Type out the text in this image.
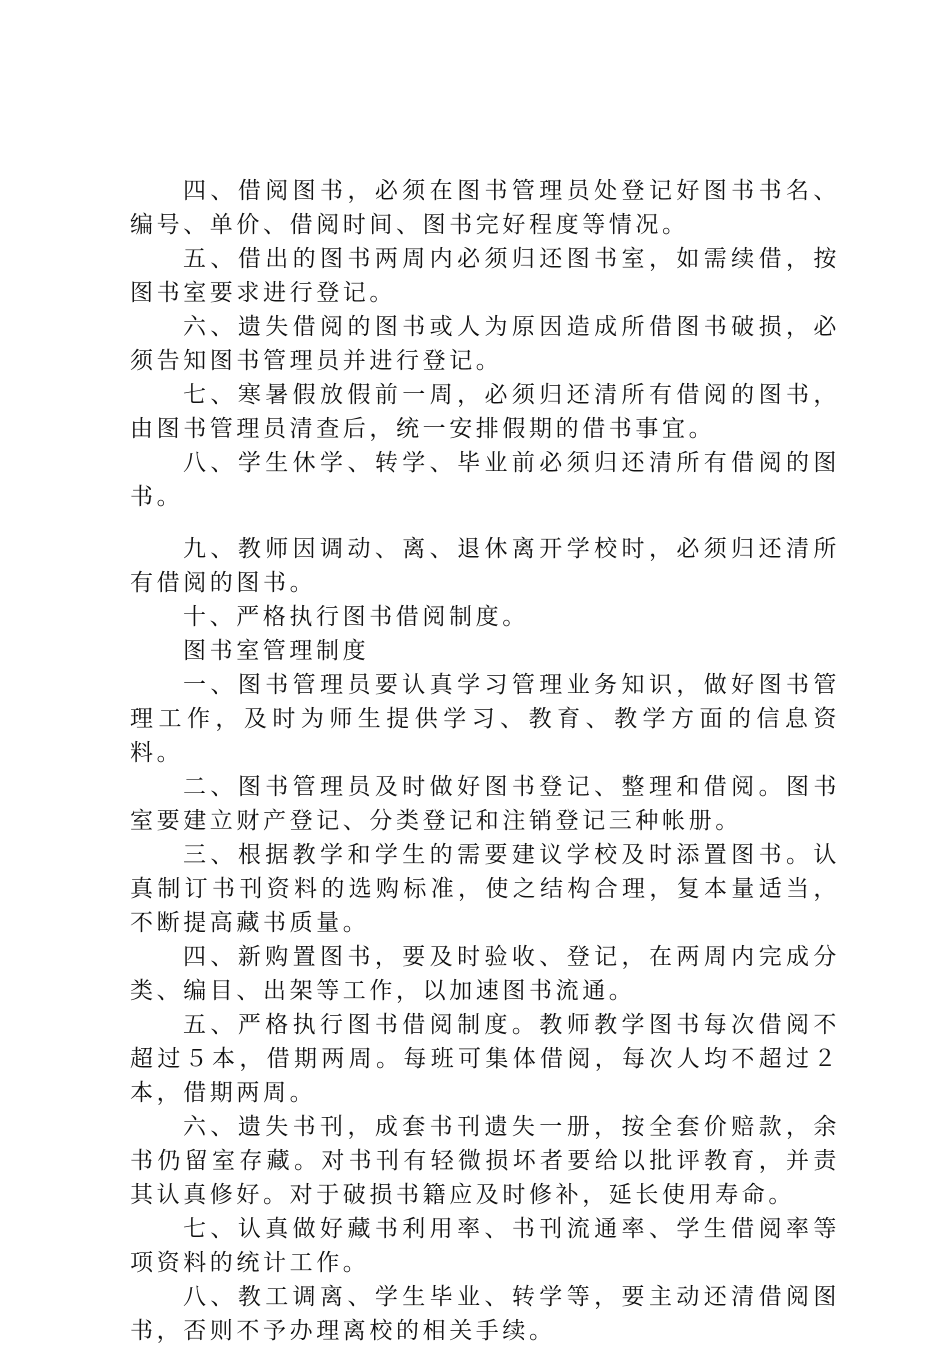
四、借阅图书，必须在图书管理员处登记好图书书名、编号、单价、借阅时间、图书完好程度等情况。

五、借出的图书两周内必须归还图书室，如需续借，按图书室要求进行登记。

六、遗失借阅的图书或人为原因造成所借图书破损，必须告知图书管理员并进行登记。

七、寒暑假放假前一周，必须归还清所有借阅的图书，由图书管理员清查后，统一安排假期的借书事宜。

八、学生休学、转学、毕业前必须归还清所有借阅的图书。

九、教师因调动、离、退休离开学校时，必须归还清所有借阅的图书。

十、严格执行图书借阅制度。

图书室管理制度

一、图书管理员要认真学习管理业务知识，做好图书管理工作，及时为师生提供学习、教育、教学方面的信息资料。

二、图书管理员及时做好图书登记、整理和借阅。图书室要建立财产登记、分类登记和注销登记三种帐册。

三、根据教学和学生的需要建议学校及时添置图书。认真制订书刊资料的选购标准，使之结构合理，复本量适当，不断提高藏书质量。

四、新购置图书，要及时验收、登记，在两周内完成分类、编目、出架等工作，以加速图书流通。

五、严格执行图书借阅制度。教师教学图书每次借阅不超过５本，借期两周。每班可集体借阅，每次人均不超过２本，借期两周。

六、遗失书刊，成套书刊遗失一册，按全套价赔款，余书仍留室存藏。对书刊有轻微损坏者要给以批评教育，并责其认真修好。对于破损书籍应及时修补，延长使用寿命。

七、认真做好藏书利用率、书刊流通率、学生借阅率等项资料的统计工作。

八、教工调离、学生毕业、转学等，要主动还清借阅图书，否则不予办理离校的相关手续。
